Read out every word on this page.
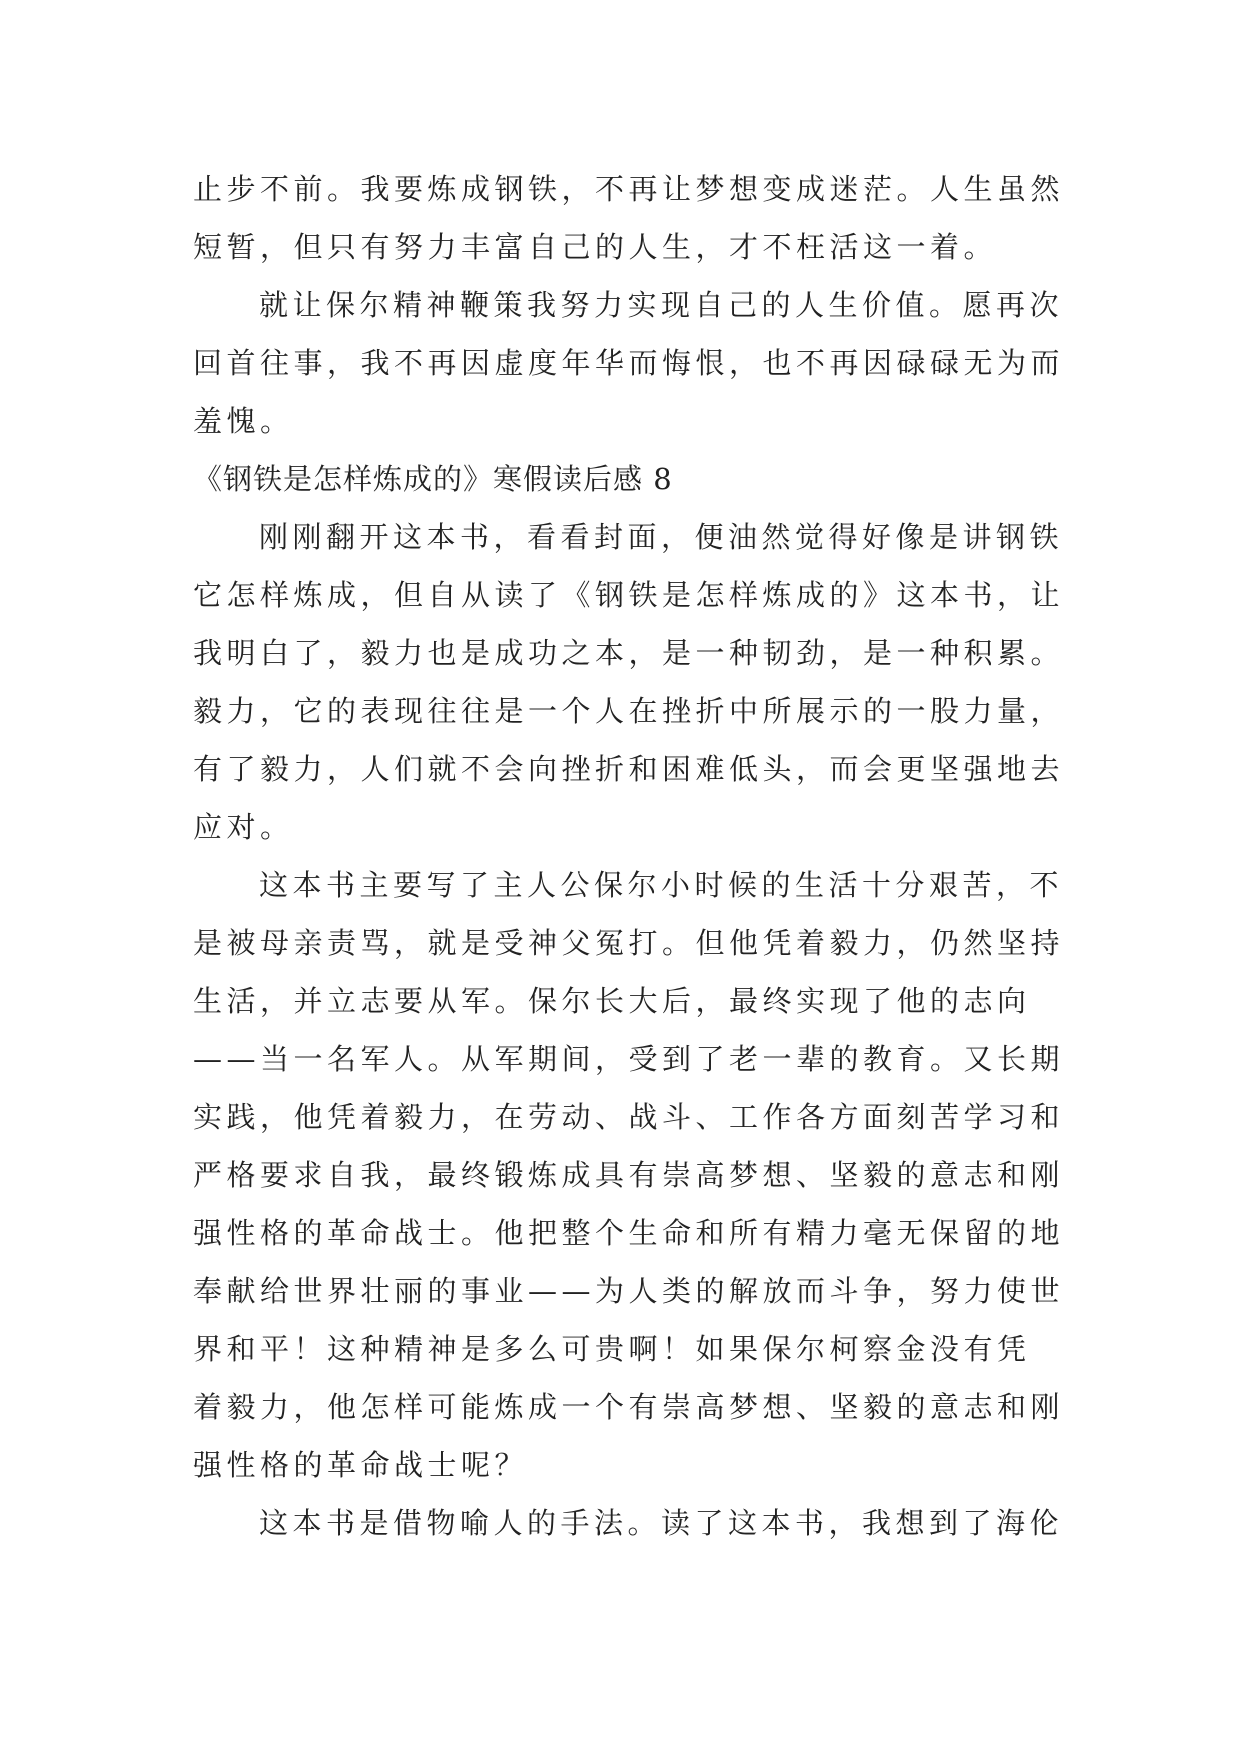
止步不前。我要炼成钢铁，不再让梦想变成迷茫。人生虽然
短暂，但只有努力丰富自己的人生，才不枉活这一着。
就让保尔精神鞭策我努力实现自己的人生价值。愿再次
回首往事，我不再因虚度年华而悔恨，也不再因碌碌无为而
羞愧。
《钢铁是怎样炼成的》寒假读后感 8
刚刚翻开这本书，看看封面，便油然觉得好像是讲钢铁
它怎样炼成，但自从读了《钢铁是怎样炼成的》这本书，让
我明白了，毅力也是成功之本，是一种韧劲，是一种积累。
毅力，它的表现往往是一个人在挫折中所展示的一股力量，
有了毅力，人们就不会向挫折和困难低头，而会更坚强地去
应对。
这本书主要写了主人公保尔小时候的生活十分艰苦，不
是被母亲责骂，就是受神父冤打。但他凭着毅力，仍然坚持
生活，并立志要从军。保尔长大后，最终实现了他的志向
——当一名军人。从军期间，受到了老一辈的教育。又长期
实践，他凭着毅力，在劳动、战斗、工作各方面刻苦学习和
严格要求自我，最终锻炼成具有崇高梦想、坚毅的意志和刚
强性格的革命战士。他把整个生命和所有精力毫无保留的地
奉献给世界壮丽的事业——为人类的解放而斗争，努力使世
界和平！这种精神是多么可贵啊！如果保尔柯察金没有凭
着毅力，他怎样可能炼成一个有崇高梦想、坚毅的意志和刚
强性格的革命战士呢？
这本书是借物喻人的手法。读了这本书，我想到了海伦
